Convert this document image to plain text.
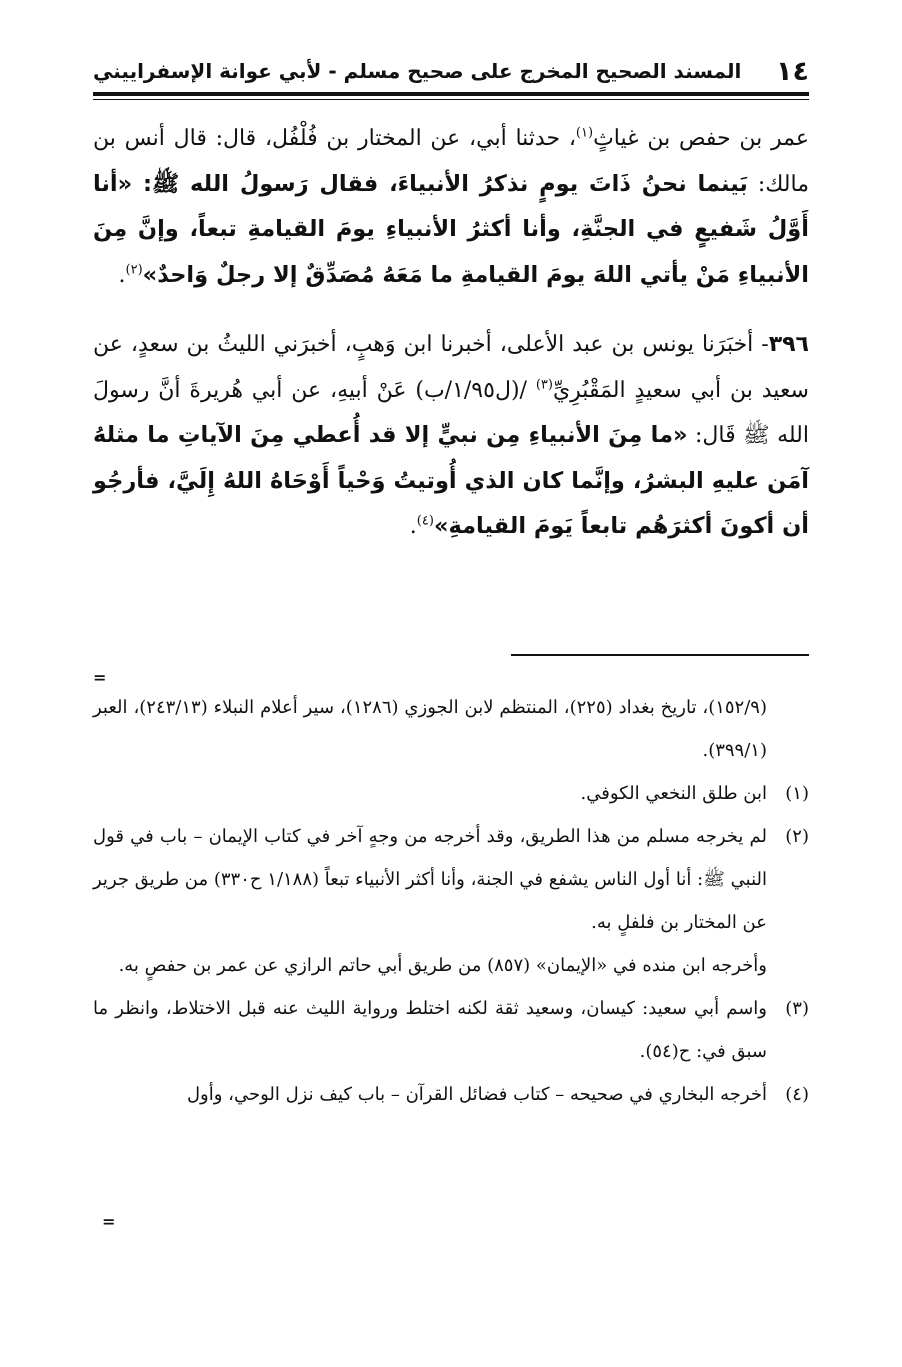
١٤
المسند الصحيح المخرج على صحيح مسلم - لأبي عوانة الإسفراييني

عمر بن حفص بن غياثٍ$^{(١)}$، حدثنا أبي، عن المختار بن فُلْفُل، قال: قال أنس بن مالك: بَينما نحنُ ذَاتَ يومٍ نذكرُ الأنبياءَ، فقال رَسولُ الله ﷺ: «أنا أَوَّلُ شَفيعٍ في الجنَّةِ، وأنا أكثرُ الأنبياءِ يومَ القيامةِ تبعاً، وإنَّ مِنَ الأنبياءِ مَنْ يأتي اللهَ يومَ القيامةِ ما مَعَهُ مُصَدِّقٌ إلا رجلٌ وَاحدٌ»$^{(٢)}$.

٣٩٦- أخبَرَنا يونس بن عبد الأعلى، أخبرنا ابن وَهبٍ، أخبرَني الليثُ بن سعدٍ، عن سعيد بن أبي سعيدٍ المَقْبُرِيِّ$^{(٣)}$ /(ل١/٩٥/ب) عَنْ أبيهِ، عن أبي هُريرةَ أنَّ رسولَ الله ﷺ قَال: «ما مِنَ الأنبياءِ مِن نبيٍّ إلا قد أُعطي مِنَ الآياتِ ما مثلهُ آمَن عليهِ البشرُ، وإنَّما كان الذي أُوتيتُ وَحْياً أَوْحَاهُ اللهُ إِلَيَّ، فأرجُو أن أكونَ أكثرَهُم تابعاً يَومَ القيامةِ»$^{(٤)}$.

=
(١٥٢/٩)، تاريخ بغداد (٢٢٥)، المنتظم لابن الجوزي (١٢٨٦)، سير أعلام النبلاء (٢٤٣/١٣)، العبر (٣٩٩/١).
(١)
ابن طلق النخعي الكوفي.
(٢)
لم يخرجه مسلم من هذا الطريق، وقد أخرجه من وجهٍ آخر في كتاب الإيمان – باب في قول النبي ﷺ: أنا أول الناس يشفع في الجنة، وأنا أكثر الأنبياء تبعاً (١/١٨٨ ح٣٣٠) من طريق جرير عن المختار بن فلفلٍ به.
وأخرجه ابن منده في «الإيمان» (٨٥٧) من طريق أبي حاتم الرازي عن عمر بن حفصٍ به.
(٣)
واسم أبي سعيد: كيسان، وسعيد ثقة لكنه اختلط ورواية الليث عنه قبل الاختلاط، وانظر ما سبق في: ح(٥٤).
(٤)
أخرجه البخاري في صحيحه – كتاب فضائل القرآن – باب كيف نزل الوحي، وأول
=
